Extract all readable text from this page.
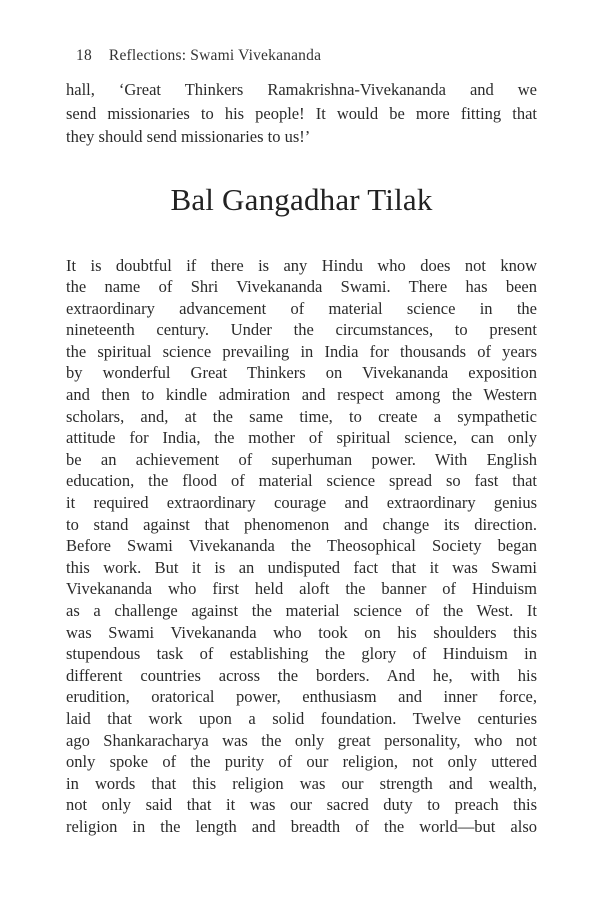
18 Reflections: Swami Vivekananda
hall, ‘Great Thinkers Ramakrishna-Vivekananda and we
send missionaries to his people! It would be more fitting that
they should send missionaries to us!’
Bal Gangadhar Tilak
It is doubtful if there is any Hindu who does not know
the name of Shri Vivekananda Swami. There has been
extraordinary advancement of material science in the
nineteenth century. Under the circumstances, to present
the spiritual science prevailing in India for thousands of years
by wonderful Great Thinkers on Vivekananda exposition
and then to kindle admiration and respect among the Western
scholars, and, at the same time, to create a sympathetic
attitude for India, the mother of spiritual science, can only
be an achievement of superhuman power. With English
education, the flood of material science spread so fast that
it required extraordinary courage and extraordinary genius
to stand against that phenomenon and change its direction.
Before Swami Vivekananda the Theosophical Society began
this work. But it is an undisputed fact that it was Swami
Vivekananda who first held aloft the banner of Hinduism
as a challenge against the material science of the West. It
was Swami Vivekananda who took on his shoulders this
stupendous task of establishing the glory of Hinduism in
different countries across the borders. And he, with his
erudition, oratorical power, enthusiasm and inner force,
laid that work upon a solid foundation. Twelve centuries
ago Shankaracharya was the only great personality, who not
only spoke of the purity of our religion, not only uttered
in words that this religion was our strength and wealth,
not only said that it was our sacred duty to preach this
religion in the length and breadth of the world—but also
